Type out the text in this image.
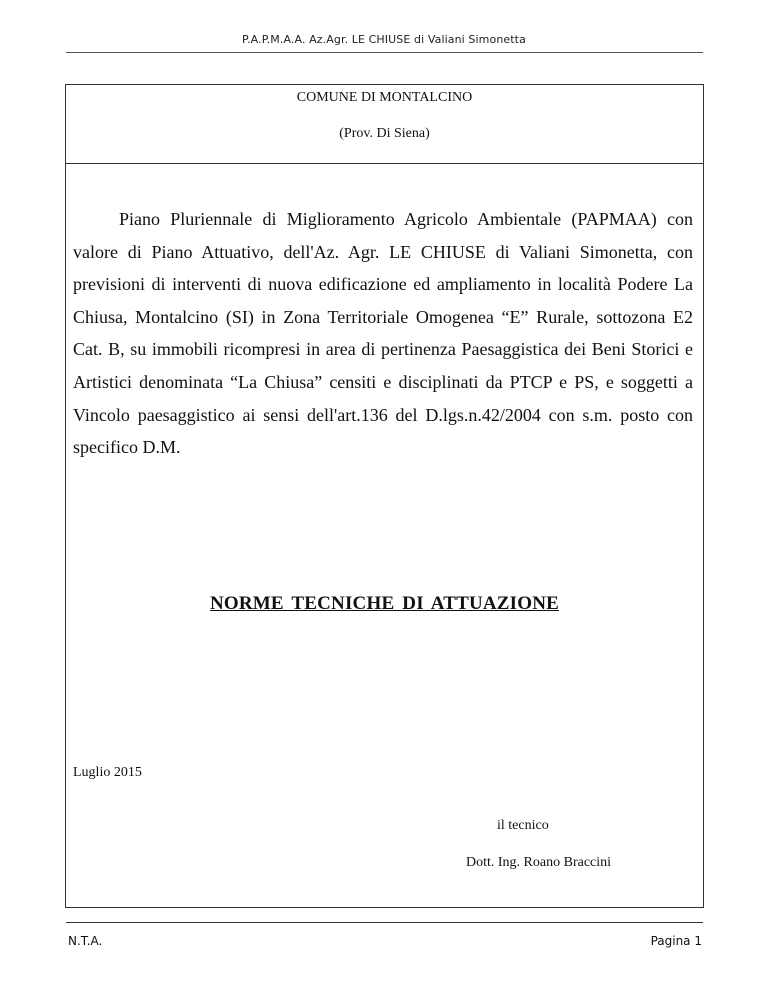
P.A.P.M.A.A. Az.Agr. LE CHIUSE di Valiani Simonetta
COMUNE DI MONTALCINO
(Prov. Di Siena)

Piano Pluriennale di Miglioramento Agricolo Ambientale (PAPMAA) con valore di Piano Attuativo, dell'Az. Agr. LE CHIUSE di Valiani Simonetta, con previsioni di interventi di nuova edificazione ed ampliamento in località Podere La Chiusa, Montalcino (SI) in Zona Territoriale Omogenea “E” Rurale, sottozona E2 Cat. B, su immobili ricompresi in area di pertinenza Paesaggistica dei Beni Storici e Artistici denominata “La Chiusa” censiti e disciplinati da PTCP e PS, e soggetti a Vincolo paesaggistico ai sensi dell'art.136 del D.lgs.n.42/2004 con s.m. posto con specifico D.M.

NORME TECNICHE DI ATTUAZIONE
Luglio 2015
il tecnico
Dott. Ing. Roano Braccini
N.T.A.	Pagina 1
